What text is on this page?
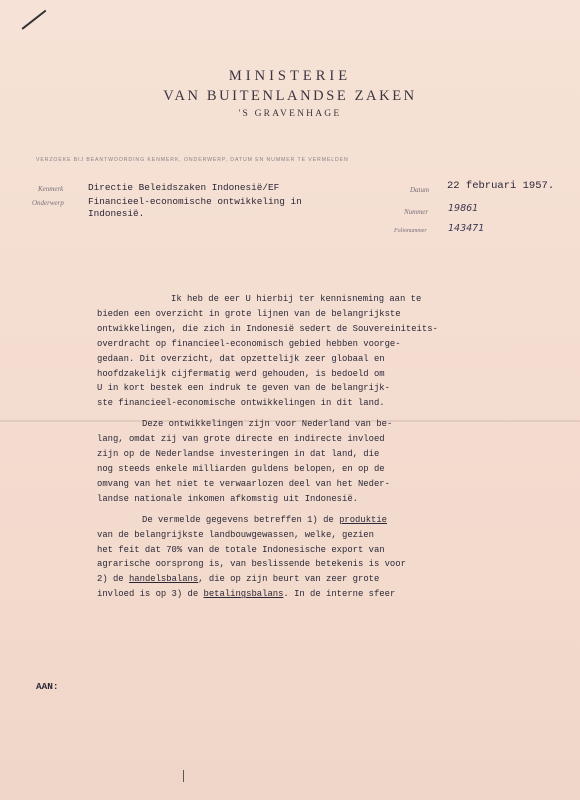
MINISTERIE
VAN BUITENLANDSE ZAKEN
'S GRAVENHAGE
VERZOEKE BIJ BEANTWOORDING KENMERK, ONDERWERP, DATUM EN NUMMER TE VERMELDEN
Kenmerk	Directie Beleidszaken Indonesië/EF
Onderwerp	Financieel-economische ontwikkeling in
Indonesië.
Datum 22 februari 1957.
Nummer 19861
Folionummer 143471
Ik heb de eer U hierbij ter kennisneming aan te
bieden een overzicht in grote lijnen van de belangrijkste
ontwikkelingen, die zich in Indonesië sedert de Souvereiniteits-
overdracht op financieel-economisch gebied hebben voorge-
gedaan. Dit overzicht, dat opzettelijk zeer globaal en
hoofdzakelijk cijfermatig werd gehouden, is bedoeld om
U in kort bestek een indruk te geven van de belangrijk-
ste financieel-economische ontwikkelingen in dit land.
Deze ontwikkelingen zijn voor Nederland van be-
lang, omdat zij van grote directe en indirecte invloed
zijn op de Nederlandse investeringen in dat land, die
nog steeds enkele milliarden guldens belopen, en op de
omvang van het niet te verwaarlozen deel van het Neder-
landse nationale inkomen afkomstig uit Indonesië.
De vermelde gegevens betreffen 1) de produktie
van de belangrijkste landbouwgewassen, welke, gezien
het feit dat 70% van de totale Indonesische export van
agrarische oorsprong is, van beslissende betekenis is voor
2) de handelsbalans, die op zijn beurt van zeer grote
invloed is op 3) de betalingsbalans. In de interne sfeer
AAN:
